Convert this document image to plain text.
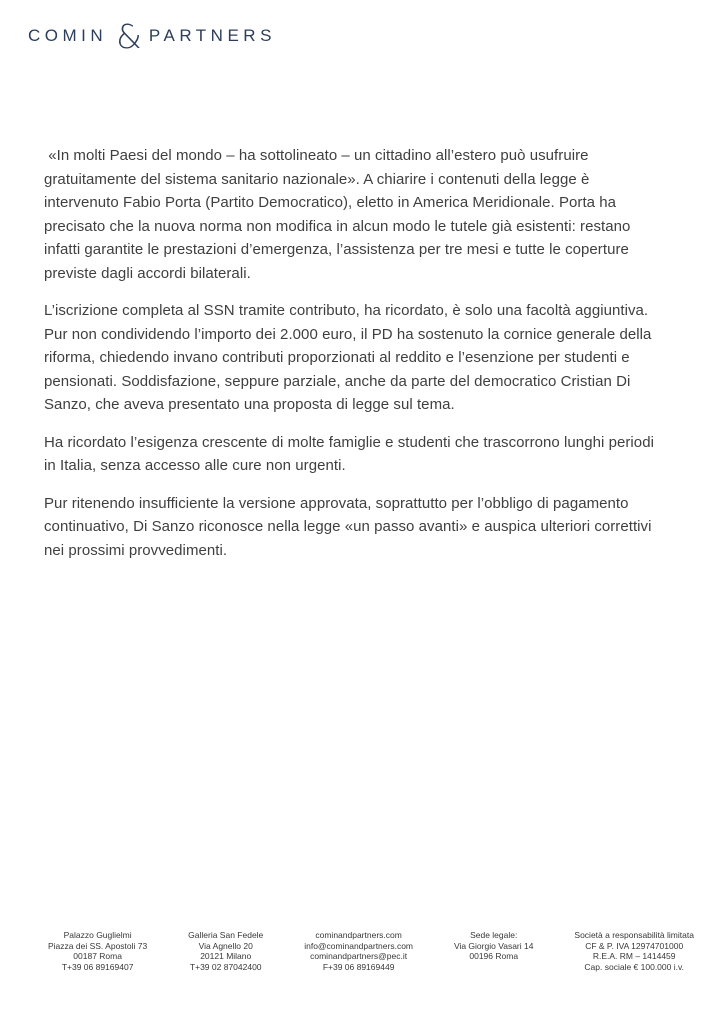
COMIN & PARTNERS

«In molti Paesi del mondo – ha sottolineato – un cittadino all’estero può usufruire gratuitamente del sistema sanitario nazionale». A chiarire i contenuti della legge è intervenuto Fabio Porta (Partito Democratico), eletto in America Meridionale. Porta ha precisato che la nuova norma non modifica in alcun modo le tutele già esistenti: restano infatti garantite le prestazioni d’emergenza, l’assistenza per tre mesi e tutte le coperture previste dagli accordi bilaterali.

L’iscrizione completa al SSN tramite contributo, ha ricordato, è solo una facoltà aggiuntiva. Pur non condividendo l’importo dei 2.000 euro, il PD ha sostenuto la cornice generale della riforma, chiedendo invano contributi proporzionati al reddito e l’esenzione per studenti e pensionati. Soddisfazione, seppure parziale, anche da parte del democratico Cristian Di Sanzo, che aveva presentato una proposta di legge sul tema.

Ha ricordato l’esigenza crescente di molte famiglie e studenti che trascorrono lunghi periodi in Italia, senza accesso alle cure non urgenti.

Pur ritenendo insufficiente la versione approvata, soprattutto per l’obbligo di pagamento continuativo, Di Sanzo riconosce nella legge «un passo avanti» e auspica ulteriori correttivi nei prossimi provvedimenti.

Palazzo Guglielmi
Piazza dei SS. Apostoli 73
00187 Roma
T+39 06 89169407
Galleria San Fedele
Via Agnello 20
20121 Milano
T+39 02 87042400
cominandpartners.com
info@cominandpartners.com
cominandpartners@pec.it
F+39 06 89169449
Sede legale:
Via Giorgio Vasari 14
00196 Roma
Società a responsabilità limitata
CF & P. IVA 12974701000
R.E.A. RM – 1414459
Cap. sociale € 100.000 i.v.
